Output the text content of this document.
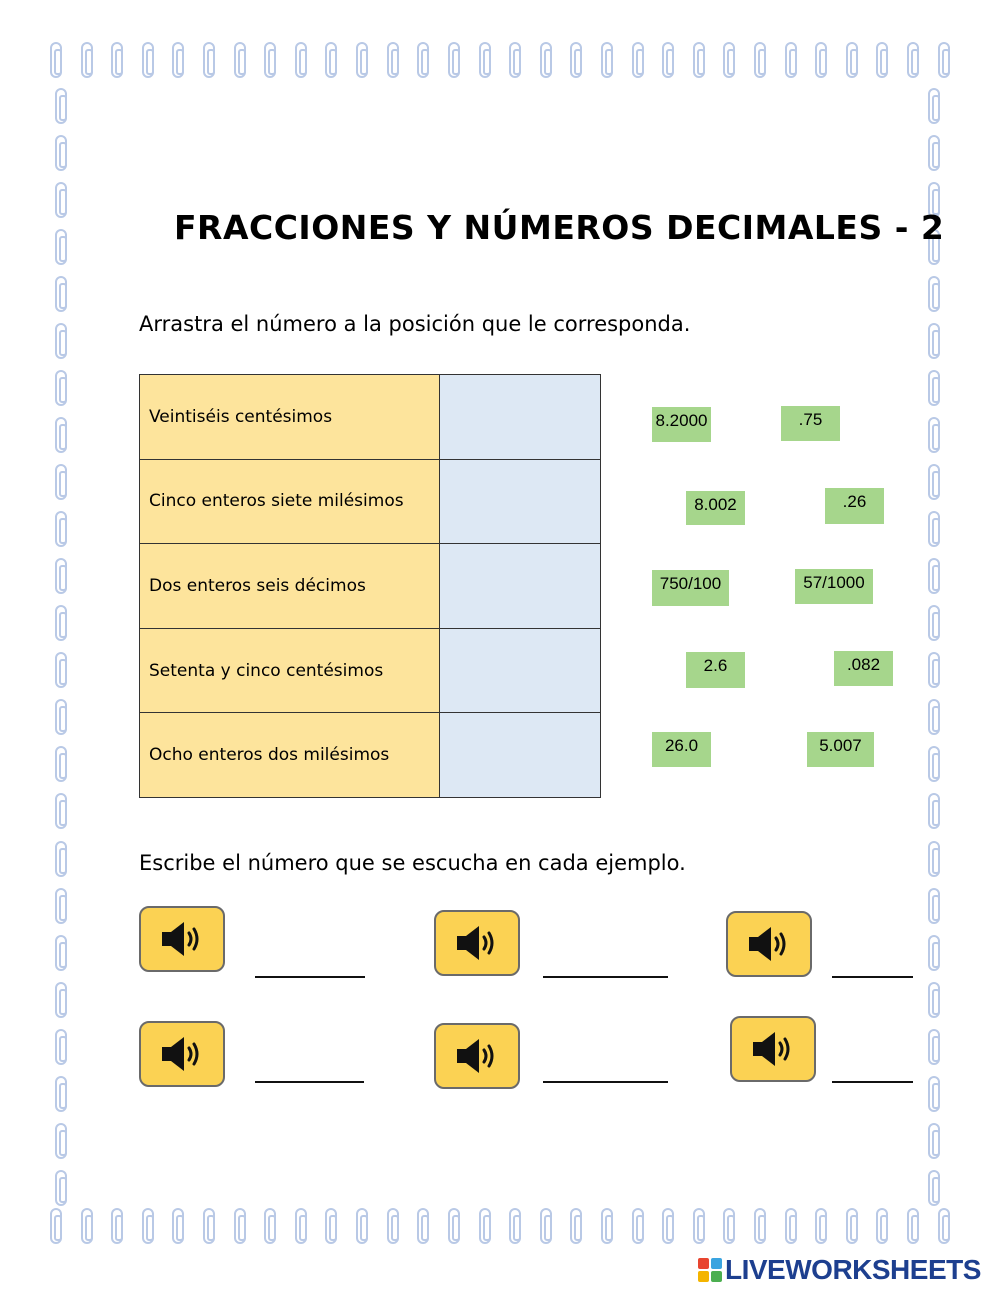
FRACCIONES Y NÚMEROS DECIMALES - 2
Arrastra el número a la posición que le corresponda.
Veintiséis centésimos	
Cinco enteros siete milésimos	
Dos enteros seis décimos	
Setenta y cinco centésimos	
Ocho enteros dos milésimos	
8.2000	.75
8.002	.26
750/100	57/1000
2.6	.082
26.0	5.007
Escribe el número que se escucha en cada ejemplo.
LIVEWORKSHEETS
